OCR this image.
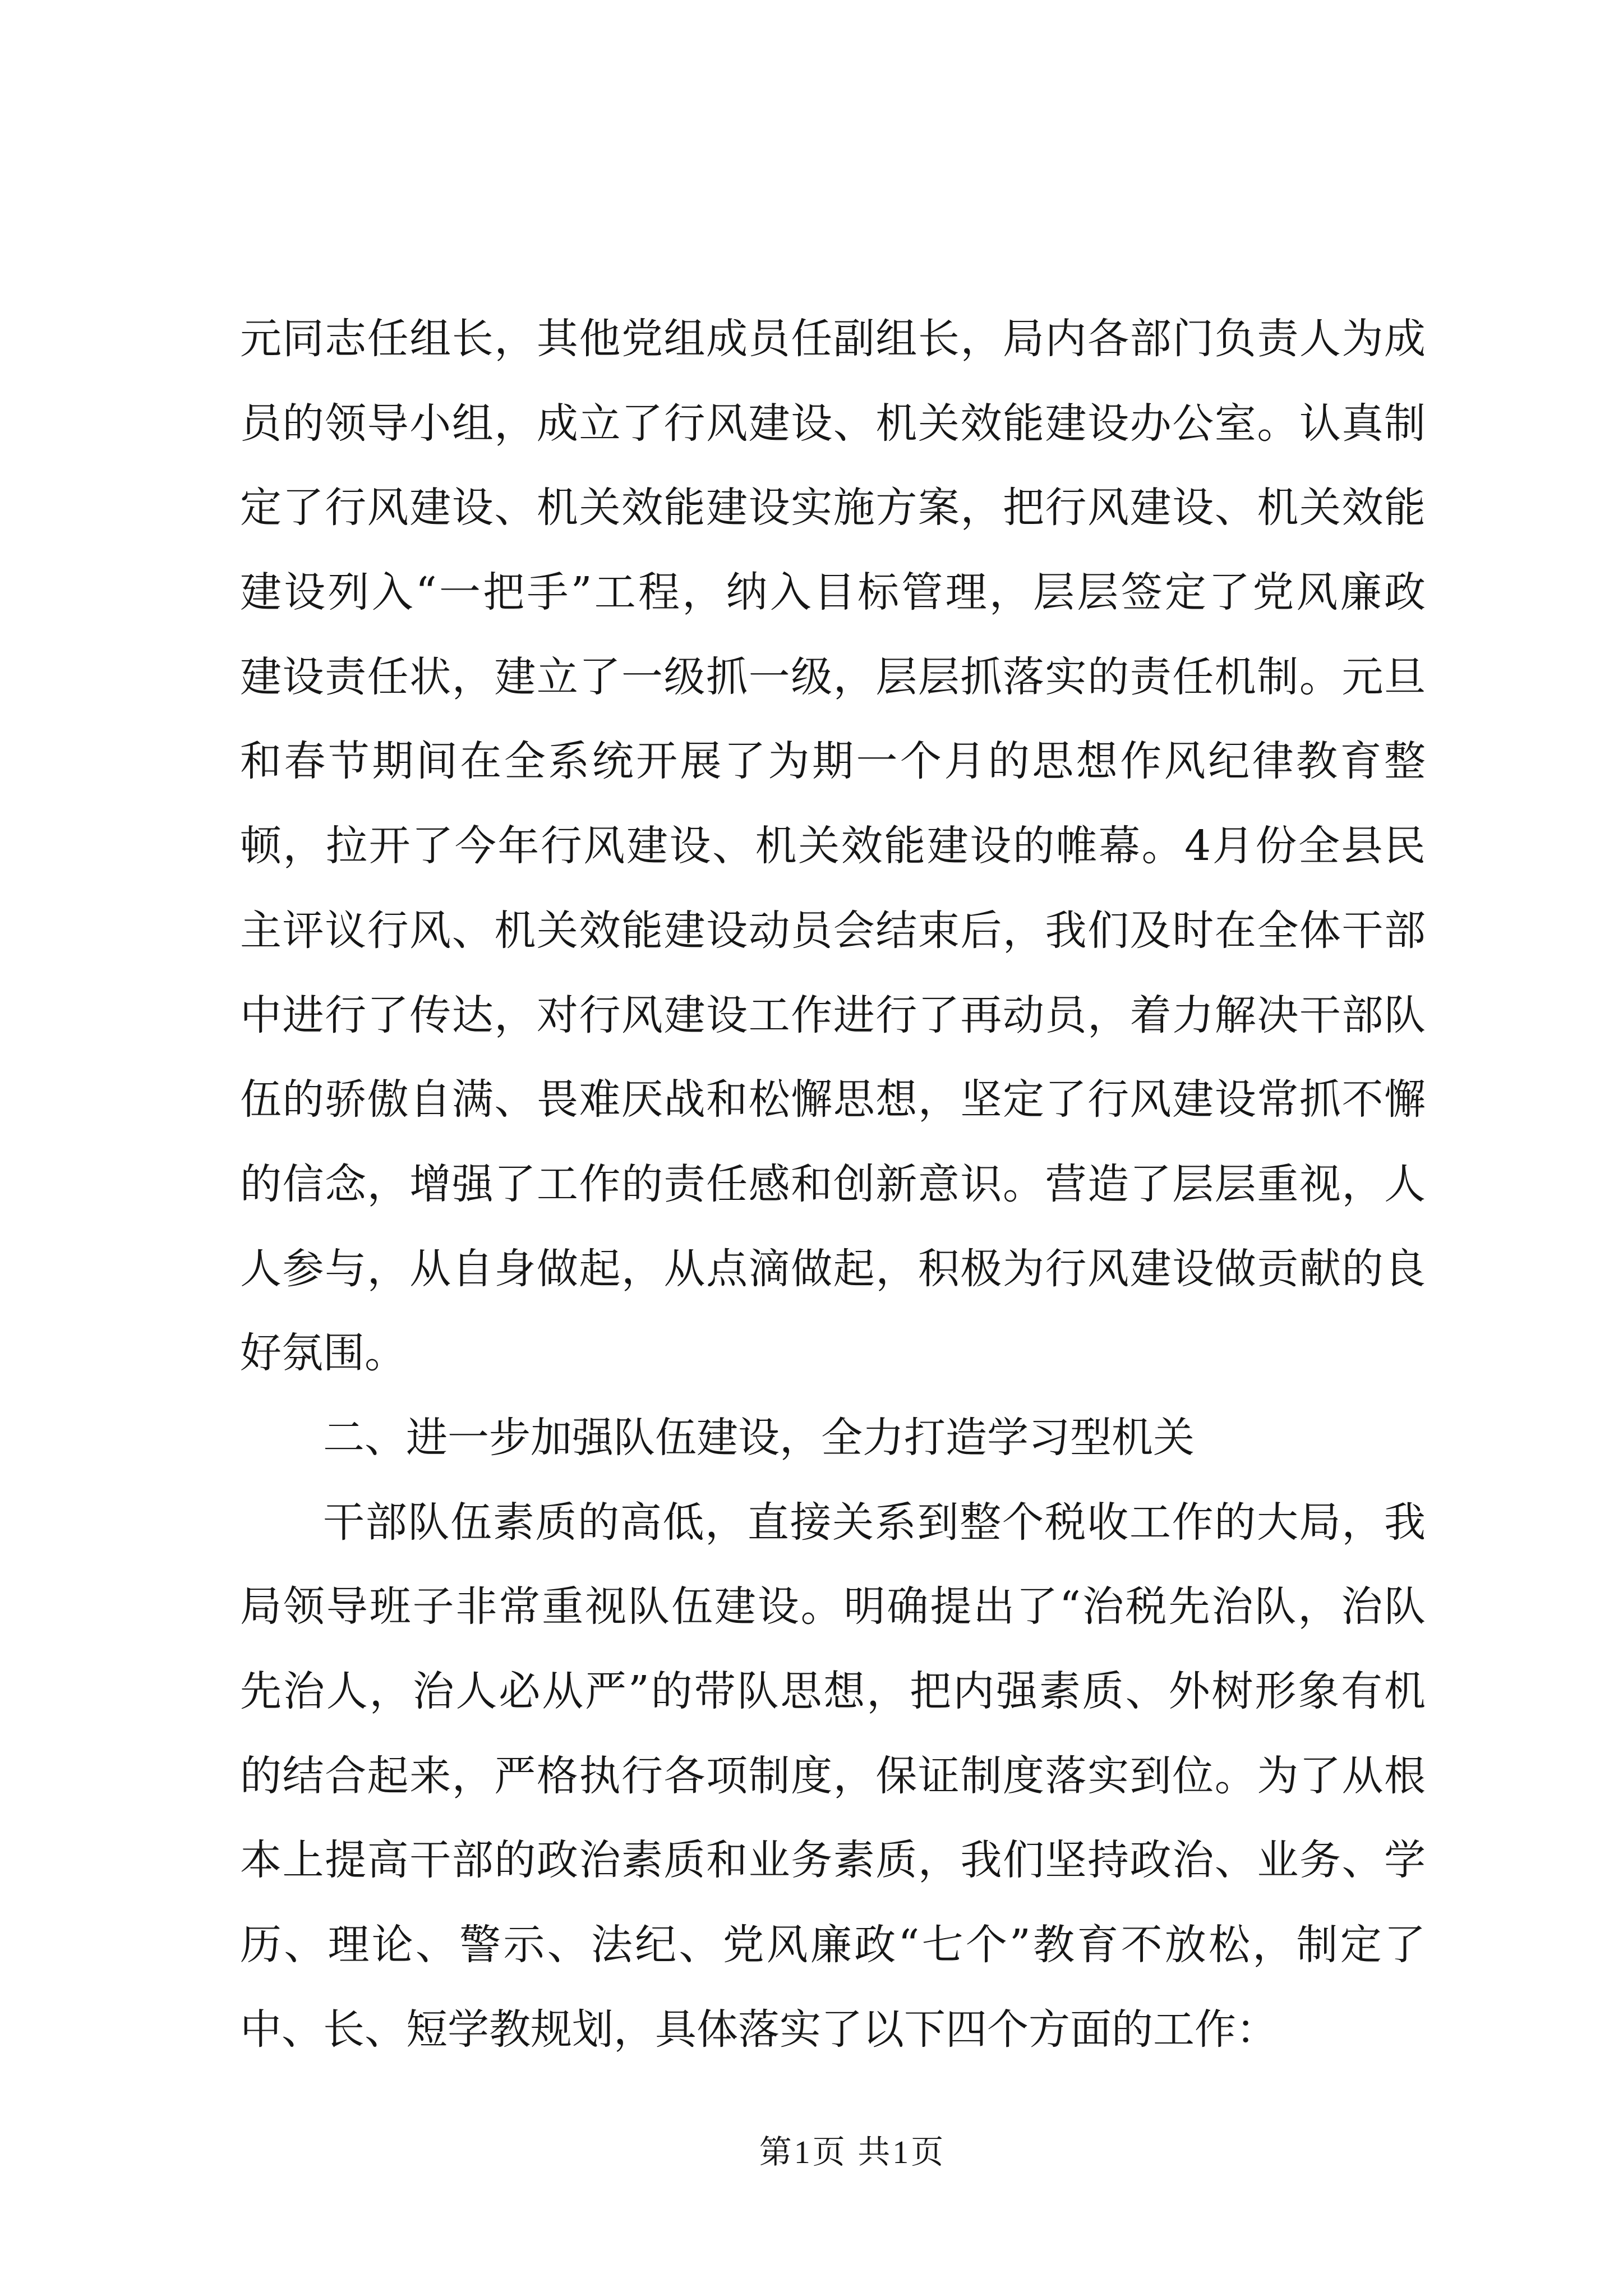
元同志任组长，其他党组成员任副组长，局内各部门负责人为成
员的领导小组，成立了行风建设、机关效能建设办公室。认真制
定了行风建设、机关效能建设实施方案，把行风建设、机关效能
建设列入“一把手”工程，纳入目标管理，层层签定了党风廉政
建设责任状，建立了一级抓一级，层层抓落实的责任机制。元旦
和春节期间在全系统开展了为期一个月的思想作风纪律教育整
顿，拉开了今年行风建设、机关效能建设的帷幕。4月份全县民
主评议行风、机关效能建设动员会结束后，我们及时在全体干部
中进行了传达，对行风建设工作进行了再动员，着力解决干部队
伍的骄傲自满、畏难厌战和松懈思想，坚定了行风建设常抓不懈
的信念，增强了工作的责任感和创新意识。营造了层层重视，人
人参与，从自身做起，从点滴做起，积极为行风建设做贡献的良
好氛围。
二、进一步加强队伍建设，全力打造学习型机关
干部队伍素质的高低，直接关系到整个税收工作的大局，我
局领导班子非常重视队伍建设。明确提出了“治税先治队，治队
先治人，治人必从严”的带队思想，把内强素质、外树形象有机
的结合起来，严格执行各项制度，保证制度落实到位。为了从根
本上提高干部的政治素质和业务素质，我们坚持政治、业务、学
历、理论、警示、法纪、党风廉政“七个”教育不放松，制定了
中、长、短学教规划，具体落实了以下四个方面的工作：
第1页 共1页
